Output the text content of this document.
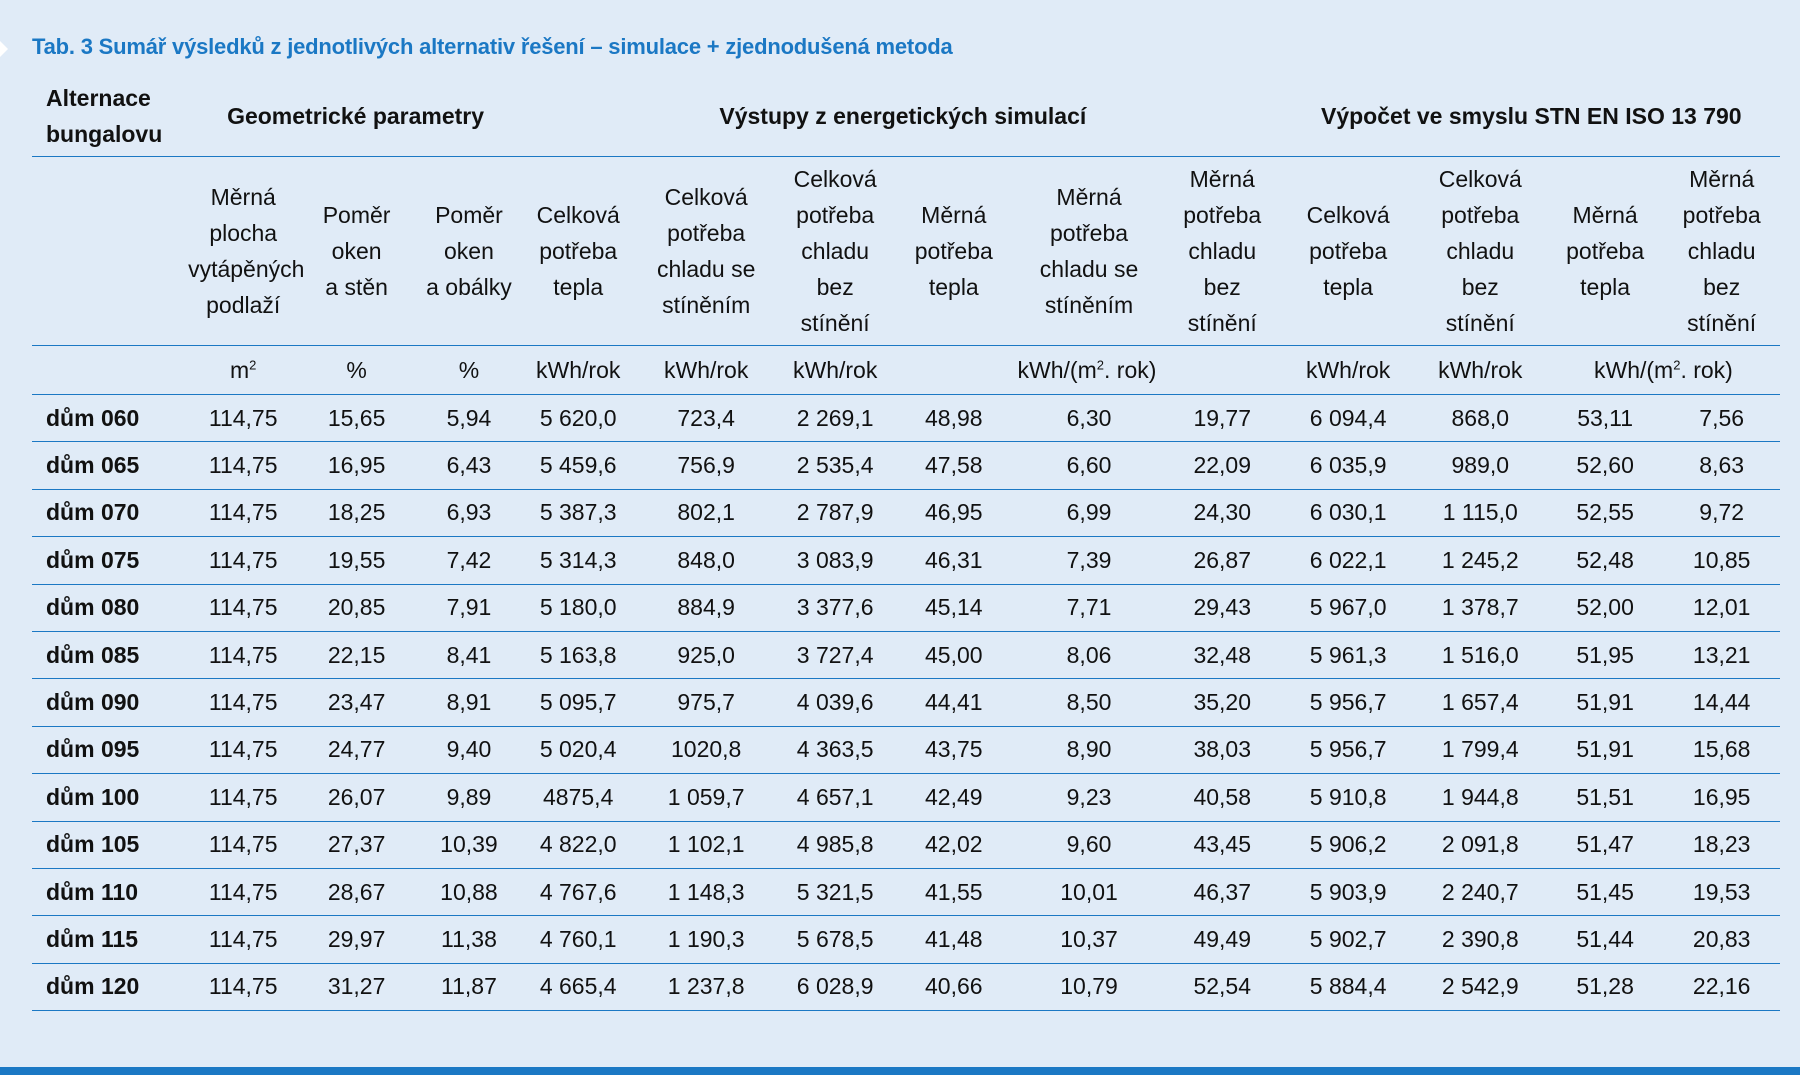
Tab. 3 Sumář výsledků z jednotlivých alternativ řešení – simulace + zjednodušená metoda
Alternace
bungalovu	Geometrické parametry			Výstupy z energetických simulací						Výpočet ve smyslu STN EN ISO 13 790			
	Měrná
plocha
vytápěných
podlaží	Poměr
oken
a stěn	Poměr
oken
a obálky	Celková
potřeba
tepla	Celková
potřeba
chladu se
stíněním	Celková
potřeba
chladu
bez
stínění	Měrná
potřeba
tepla	Měrná
potřeba
chladu se
stíněním	Měrná
potřeba
chladu
bez
stínění	Celková
potřeba
tepla	Celková
potřeba
chladu
bez
stínění	Měrná
potřeba
tepla	Měrná
potřeba
chladu
bez
stínění
	$m^2$	%	%	kWh/rok	kWh/rok	kWh/rok	kWh/($m^2$. rok)			kWh/rok	kWh/rok	kWh/($m^2$. rok)	
dům 060	114,75	15,65	5,94	5 620,0	723,4	2 269,1	48,98	6,30	19,77	6 094,4	868,0	53,11	7,56
dům 065	114,75	16,95	6,43	5 459,6	756,9	2 535,4	47,58	6,60	22,09	6 035,9	989,0	52,60	8,63
dům 070	114,75	18,25	6,93	5 387,3	802,1	2 787,9	46,95	6,99	24,30	6 030,1	1 115,0	52,55	9,72
dům 075	114,75	19,55	7,42	5 314,3	848,0	3 083,9	46,31	7,39	26,87	6 022,1	1 245,2	52,48	10,85
dům 080	114,75	20,85	7,91	5 180,0	884,9	3 377,6	45,14	7,71	29,43	5 967,0	1 378,7	52,00	12,01
dům 085	114,75	22,15	8,41	5 163,8	925,0	3 727,4	45,00	8,06	32,48	5 961,3	1 516,0	51,95	13,21
dům 090	114,75	23,47	8,91	5 095,7	975,7	4 039,6	44,41	8,50	35,20	5 956,7	1 657,4	51,91	14,44
dům 095	114,75	24,77	9,40	5 020,4	1020,8	4 363,5	43,75	8,90	38,03	5 956,7	1 799,4	51,91	15,68
dům 100	114,75	26,07	9,89	4875,4	1 059,7	4 657,1	42,49	9,23	40,58	5 910,8	1 944,8	51,51	16,95
dům 105	114,75	27,37	10,39	4 822,0	1 102,1	4 985,8	42,02	9,60	43,45	5 906,2	2 091,8	51,47	18,23
dům 110	114,75	28,67	10,88	4 767,6	1 148,3	5 321,5	41,55	10,01	46,37	5 903,9	2 240,7	51,45	19,53
dům 115	114,75	29,97	11,38	4 760,1	1 190,3	5 678,5	41,48	10,37	49,49	5 902,7	2 390,8	51,44	20,83
dům 120	114,75	31,27	11,87	4 665,4	1 237,8	6 028,9	40,66	10,79	52,54	5 884,4	2 542,9	51,28	22,16
